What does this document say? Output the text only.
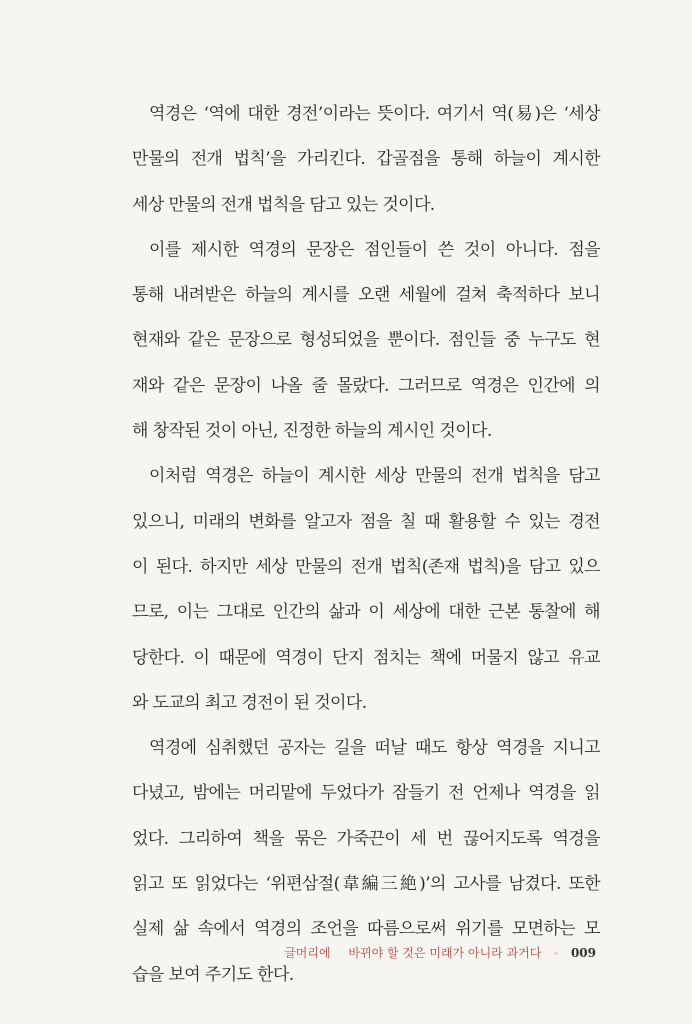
역경은 ‘역에 대한 경전’이라는 뜻이다. 여기서 역(易)은 ‘세상
만물의 전개 법칙’을 가리킨다. 갑골점을 통해 하늘이 계시한
세상 만물의 전개 법칙을 담고 있는 것이다.
이를 제시한 역경의 문장은 점인들이 쓴 것이 아니다. 점을
통해 내려받은 하늘의 계시를 오랜 세월에 걸쳐 축적하다 보니
현재와 같은 문장으로 형성되었을 뿐이다. 점인들 중 누구도 현
재와 같은 문장이 나올 줄 몰랐다. 그러므로 역경은 인간에 의
해 창작된 것이 아닌, 진정한 하늘의 계시인 것이다.
이처럼 역경은 하늘이 계시한 세상 만물의 전개 법칙을 담고
있으니, 미래의 변화를 알고자 점을 칠 때 활용할 수 있는 경전
이 된다. 하지만 세상 만물의 전개 법칙(존재 법칙)을 담고 있으
므로, 이는 그대로 인간의 삶과 이 세상에 대한 근본 통찰에 해
당한다. 이 때문에 역경이 단지 점치는 책에 머물지 않고 유교
와 도교의 최고 경전이 된 것이다.
역경에 심취했던 공자는 길을 떠날 때도 항상 역경을 지니고
다녔고, 밤에는 머리맡에 두었다가 잠들기 전 언제나 역경을 읽
었다. 그리하여 책을 묶은 가죽끈이 세 번 끊어지도록 역경을
읽고 또 읽었다는 ‘위편삼절(韋編三絶)’의 고사를 남겼다. 또한
실제 삶 속에서 역경의 조언을 따름으로써 위기를 모면하는 모
습을 보여 주기도 한다.
글머리에 바뀌야 할 것은 미래가 아니라 과거다 ◦ 009
